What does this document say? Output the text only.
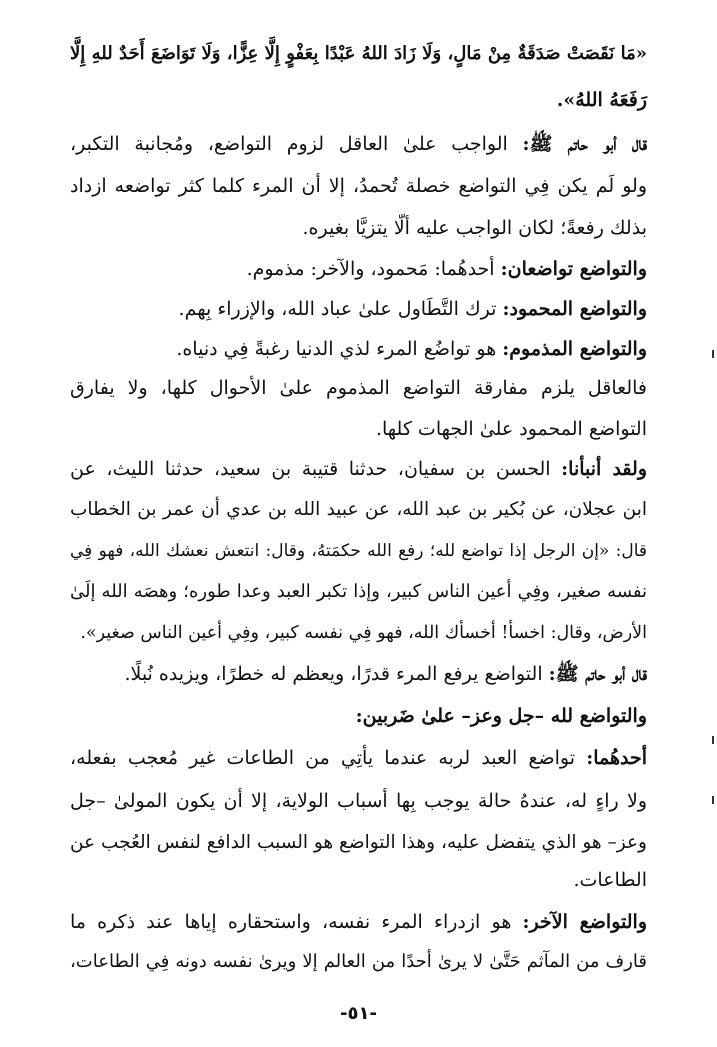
«مَا نَقَصَتْ صَدَقَةٌ مِنْ مَالٍ، وَلَا زَادَ اللهُ عَبْدًا بِعَفْوٍ إِلَّا عِزًّا، وَلَا تَوَاضَعَ أَحَدٌ للهِ إِلَّا
رَفَعَهُ اللهُ».
قال أبو حاتم ﷺ: الواجب علىٰ العاقل لزوم التواضع، ومُجانبة التكبر،
ولو لَم يكن فِي التواضع خصلة تُحمدُ، إلا أن المرء كلما كثر تواضعه ازداد
بذلك رفعةً؛ لكان الواجب عليه ألّا يتزيَّا بغيره.
والتواضع تواضعان: أحدهُما: مَحمود، والآخر: مذموم.
والتواضع المحمود: ترك التَّطَاول علىٰ عباد الله، والإزراء بِهم.
والتواضع المذموم: هو تواضُع المرء لذي الدنيا رغبةً فِي دنياه.
فالعاقل يلزم مفارقة التواضع المذموم علىٰ الأحوال كلها، ولا يفارق
التواضع المحمود علىٰ الجهات كلها.
ولقد أنبأنا: الحسن بن سفيان، حدثنا قتيبة بن سعيد، حدثنا الليث، عن
ابن عجلان، عن بُكير بن عبد الله، عن عبيد الله بن عدي أن عمر بن الخطاب
قال: «إن الرجل إذا تواضع لله؛ رفع الله حكمَتهُ، وقال: انتعش نعشك الله، فهو فِي
نفسه صغير، وفِي أعين الناس كبير، وإذا تكبر العبد وعدا طوره؛ وهصَه الله إلَىٰ
الأرض، وقال: اخسأ! أخسأك الله، فهو فِي نفسه كبير، وفِي أعين الناس صغير».
قال أبو حاتم ﷺ: التواضع يرفع المرء قدرًا، ويعظم له خطرًا، ويزيده نُبلًا.
والتواضع لله –جل وعز– علىٰ ضَربين:
أحدهُما: تواضع العبد لربه عندما يأتِي من الطاعات غير مُعجب بفعله،
ولا راءٍ له، عندهُ حالة يوجب بِها أسباب الولاية، إلا أن يكون المولىٰ –جل
وعز– هو الذي يتفضل عليه، وهذا التواضع هو السبب الدافع لنفس العُجب عن
الطاعات.
والتواضع الآخر: هو ازدراء المرء نفسه، واستحقاره إياها عند ذكره ما
قارف من المآثم حَتَّىٰ لا يرىٰ أحدًا من العالم إلا ويرىٰ نفسه دونه فِي الطاعات،
-٥١-
